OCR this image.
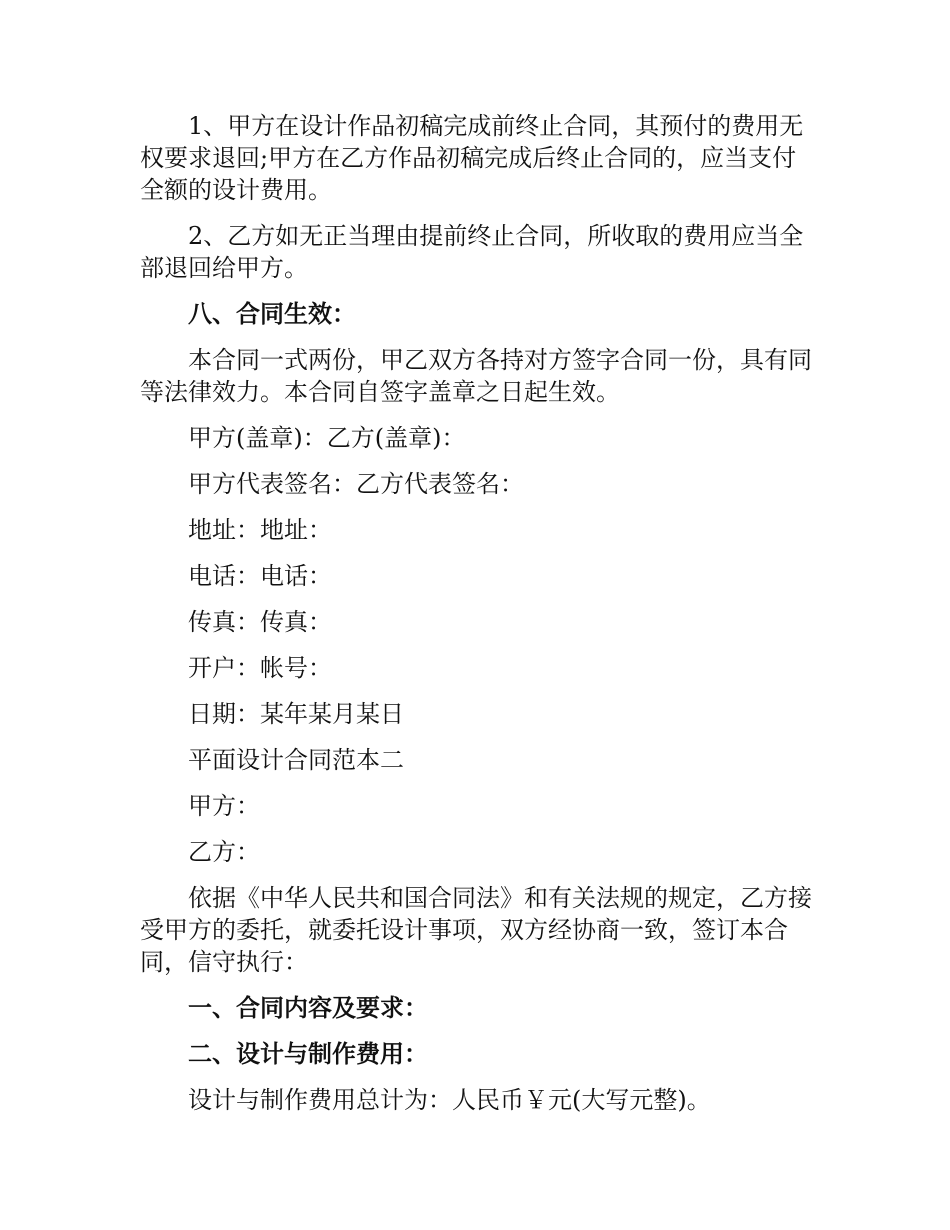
1、甲方在设计作品初稿完成前终止合同，其预付的费用无权要求退回;甲方在乙方作品初稿完成后终止合同的，应当支付全额的设计费用。

2、乙方如无正当理由提前终止合同，所收取的费用应当全部退回给甲方。

八、合同生效：

本合同一式两份，甲乙双方各持对方签字合同一份，具有同等法律效力。本合同自签字盖章之日起生效。

甲方(盖章)：乙方(盖章)：

甲方代表签名：乙方代表签名：

地址：地址：

电话：电话：

传真：传真：

开户：帐号：

日期：某年某月某日

平面设计合同范本二

甲方：

乙方：

依据《中华人民共和国合同法》和有关法规的规定，乙方接受甲方的委托，就委托设计事项，双方经协商一致，签订本合同，信守执行：

一、合同内容及要求：

二、设计与制作费用：

设计与制作费用总计为：人民币￥元(大写元整)。
